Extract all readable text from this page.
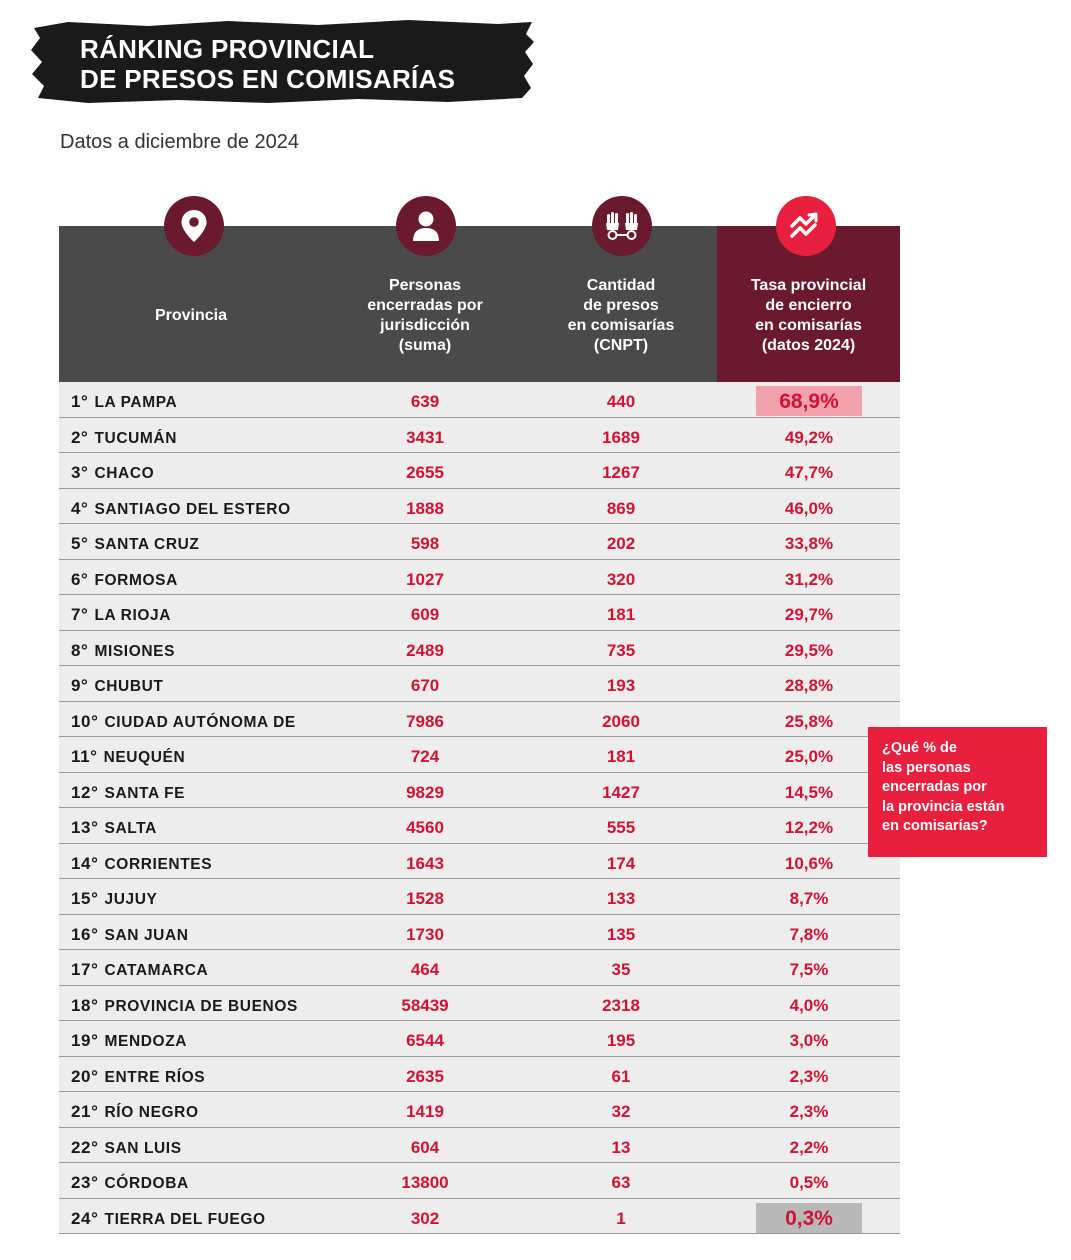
RÁNKING PROVINCIAL
DE PRESOS EN COMISARÍAS
Datos a diciembre de 2024
Provincia
Personas
encerradas por
jurisdicción
(suma)
Cantidad
de presos
en comisarías
(CNPT)
Tasa provincial
de encierro
en comisarías
(datos 2024)
1° LA PAMPA	639	440	68,9%
2° TUCUMÁN	3431	1689	49,2%
3° CHACO	2655	1267	47,7%
4° SANTIAGO DEL ESTERO	1888	869	46,0%
5° SANTA CRUZ	598	202	33,8%
6° FORMOSA	1027	320	31,2%
7° LA RIOJA	609	181	29,7%
8° MISIONES	2489	735	29,5%
9° CHUBUT	670	193	28,8%
10° CIUDAD AUTÓNOMA DE	7986	2060	25,8%
11° NEUQUÉN	724	181	25,0%
12° SANTA FE	9829	1427	14,5%
13° SALTA	4560	555	12,2%
14° CORRIENTES	1643	174	10,6%
15° JUJUY	1528	133	8,7%
16° SAN JUAN	1730	135	7,8%
17° CATAMARCA	464	35	7,5%
18° PROVINCIA DE BUENOS	58439	2318	4,0%
19° MENDOZA	6544	195	3,0%
20° ENTRE RÍOS	2635	61	2,3%
21° RÍO NEGRO	1419	32	2,3%
22° SAN LUIS	604	13	2,2%
23° CÓRDOBA	13800	63	0,5%
24° TIERRA DEL FUEGO	302	1	0,3%
¿Qué % de
las personas
encerradas por
la provincia están
en comisarías?
